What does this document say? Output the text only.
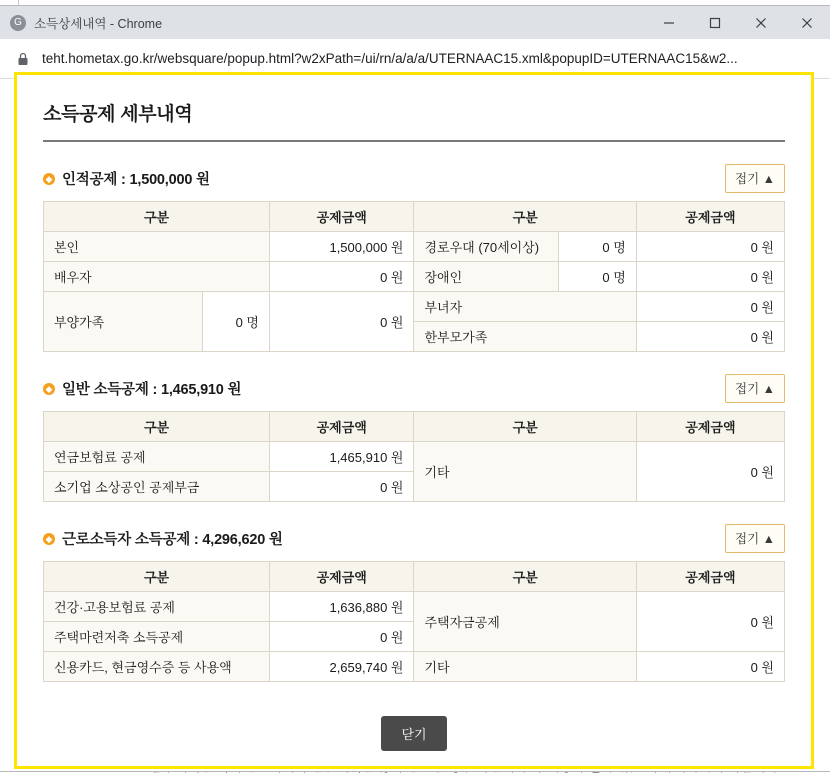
G 소득상세내역 - Chrome
teht.hometax.go.kr/websquare/popup.html?w2xPath=/ui/rn/a/a/a/UTERNAAC15.xml&popupID=UTERNAAC15&w2...
소득공제 세부내역
◆ 인적공제 : 1,500,000 원	접기 ▲
구분		공제금액	구분		공제금액
본인		1,500,000 원	경로우대 (70세이상)	0 명	0 원
배우자		0 원	장애인	0 명	0 원
부양가족	0 명	0 원	부녀자		0 원
			한부모가족		0 원
◆ 일반 소득공제 : 1,465,910 원	접기 ▲
구분	공제금액	구분	공제금액
연금보험료 공제	1,465,910 원	기타	0 원
소기업 소상공인 공제부금	0 원		
◆ 근로소득자 소득공제 : 4,296,620 원	접기 ▲
구분	공제금액	구분	공제금액
건강·고용보험료 공제	1,636,880 원	주택자금공제	0 원
주택마련저축 소득공제	0 원		
신용카드, 현금영수증 등 사용액	2,659,740 원	기타	0 원
닫기
